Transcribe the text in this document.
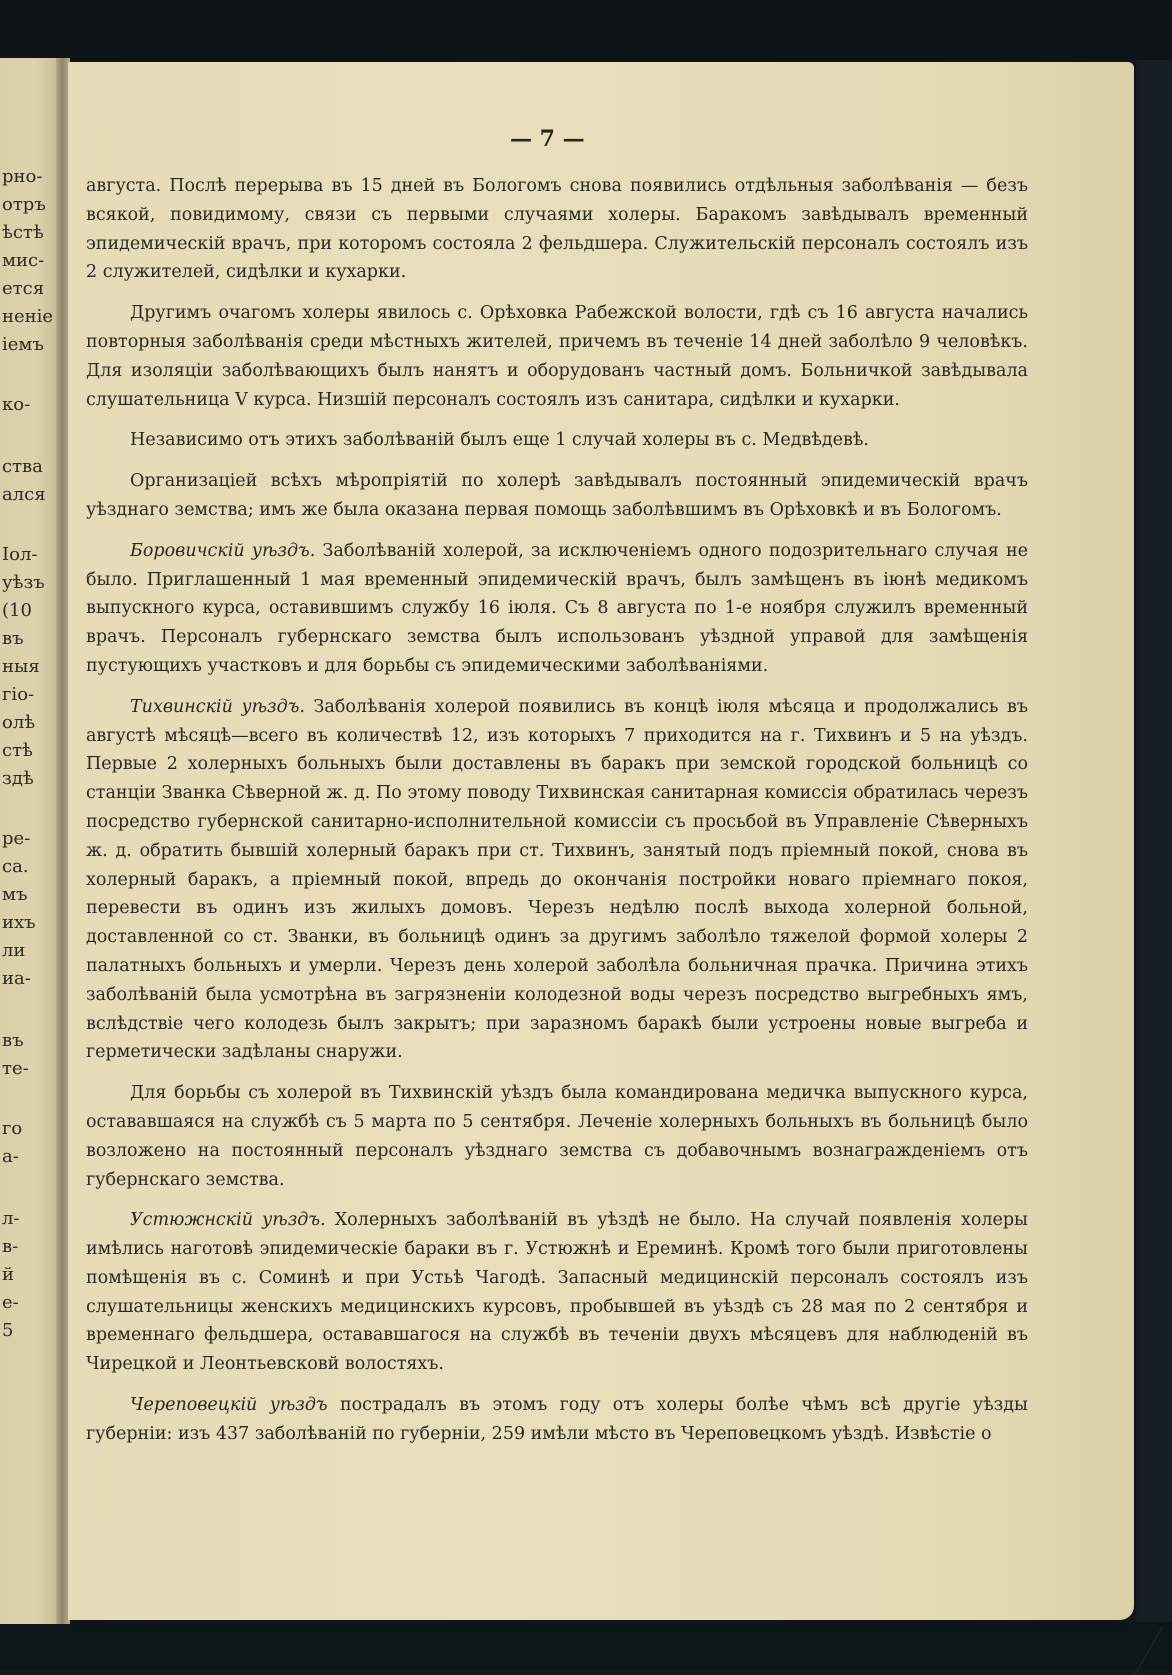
рно-
отръ
ѣстѣ
мис-
ется
неніе
іемъ
ко-
ства
ался
Іол-
уѣзъ
(10
въ
ныя
гіо-
олѣ
стѣ
здѣ
ре-
са.
мъ
ихъ
ли
иа-
въ
те-
го
а-
л-
в-
й
е-
5
— 7 —

августа. Послѣ перерыва въ 15 дней въ Бологомъ снова появились отдѣльныя заболѣванія — безъ всякой, повидимому, связи съ первыми случаями холеры. Баракомъ завѣдывалъ временный эпидемическій врачъ, при которомъ состояла 2 фельдшера. Служительскій персоналъ состоялъ изъ 2 служителей, сидѣлки и кухарки.

Другимъ очагомъ холеры явилось с. Орѣховка Рабежской волости, гдѣ съ 16 августа начались повторныя заболѣванія среди мѣстныхъ жителей, причемъ въ теченіе 14 дней заболѣло 9 человѣкъ. Для изоляціи заболѣвающихъ былъ нанятъ и оборудованъ частный домъ. Больничкой завѣдывала слушательница V курса. Низшій персоналъ состоялъ изъ санитара, сидѣлки и кухарки.

Независимо отъ этихъ заболѣваній былъ еще 1 случай холеры въ с. Медвѣдевѣ.

Организаціей всѣхъ мѣропріятій по холерѣ завѣдывалъ постоянный эпидемическій врачъ уѣзднаго земства; имъ же была оказана первая помощь заболѣвшимъ въ Орѣховкѣ и въ Бологомъ.

Боровичскій уѣздъ. Заболѣваній холерой, за исключеніемъ одного подозрительнаго случая не было. Приглашенный 1 мая временный эпидемическій врачъ, былъ замѣщенъ въ іюнѣ медикомъ выпускного курса, оставившимъ службу 16 іюля. Съ 8 августа по 1-е ноября служилъ временный врачъ. Персоналъ губернскаго земства былъ использованъ уѣздной управой для замѣщенія пустующихъ участковъ и для борьбы съ эпидемическими заболѣваніями.

Тихвинскій уѣздъ. Заболѣванія холерой появились въ концѣ іюля мѣсяца и продолжались въ августѣ мѣсяцѣ—всего въ количествѣ 12, изъ которыхъ 7 приходится на г. Тихвинъ и 5 на уѣздъ. Первые 2 холерныхъ больныхъ были доставлены въ баракъ при земской городской больницѣ со станціи Званка Сѣверной ж. д. По этому поводу Тихвинская санитарная комиссія обратилась черезъ посредство губернской санитарно-исполнительной комиссіи съ просьбой въ Управленіе Сѣверныхъ ж. д. обратить бывшій холерный баракъ при ст. Тихвинъ, занятый подъ пріемный покой, снова въ холерный баракъ, а пріемный покой, впредь до окончанія постройки новаго пріемнаго покоя, перевести въ одинъ изъ жилыхъ домовъ. Черезъ недѣлю послѣ выхода холерной больной, доставленной со ст. Званки, въ больницѣ одинъ за другимъ заболѣло тяжелой формой холеры 2 палатныхъ больныхъ и умерли. Черезъ день холерой заболѣла больничная прачка. Причина этихъ заболѣваній была усмотрѣна въ загрязненіи колодезной воды черезъ посредство выгребныхъ ямъ, вслѣдствіе чего колодезь былъ закрытъ; при заразномъ баракѣ были устроены новые выгреба и герметически задѣланы снаружи.

Для борьбы съ холерой въ Тихвинскій уѣздъ была командирована медичка выпускного курса, остававшаяся на службѣ съ 5 марта по 5 сентября. Леченіе холерныхъ больныхъ въ больницѣ было возложено на постоянный персоналъ уѣзднаго земства съ добавочнымъ вознагражденіемъ отъ губернскаго земства.

Устюжнскій уѣздъ. Холерныхъ заболѣваній въ уѣздѣ не было. На случай появленія холеры имѣлись наготовѣ эпидемическіе бараки въ г. Устюжнѣ и Ереминѣ. Кромѣ того были приготовлены помѣщенія въ с. Соминѣ и при Устьѣ Чагодѣ. Запасный медицинскій персоналъ состоялъ изъ слушательницы женскихъ медицинскихъ курсовъ, пробывшей въ уѣздѣ съ 28 мая по 2 сентября и временнаго фельдшера, остававшагося на службѣ въ теченіи двухъ мѣсяцевъ для наблюденій въ Чирецкой и Леонтьевсковй волостяхъ.

Череповецкій уѣздъ пострадалъ въ этомъ году отъ холеры болѣе чѣмъ всѣ другіе уѣзды губерніи: изъ 437 заболѣваній по губерніи, 259 имѣли мѣсто въ Череповецкомъ уѣздѣ. Извѣстіе о
